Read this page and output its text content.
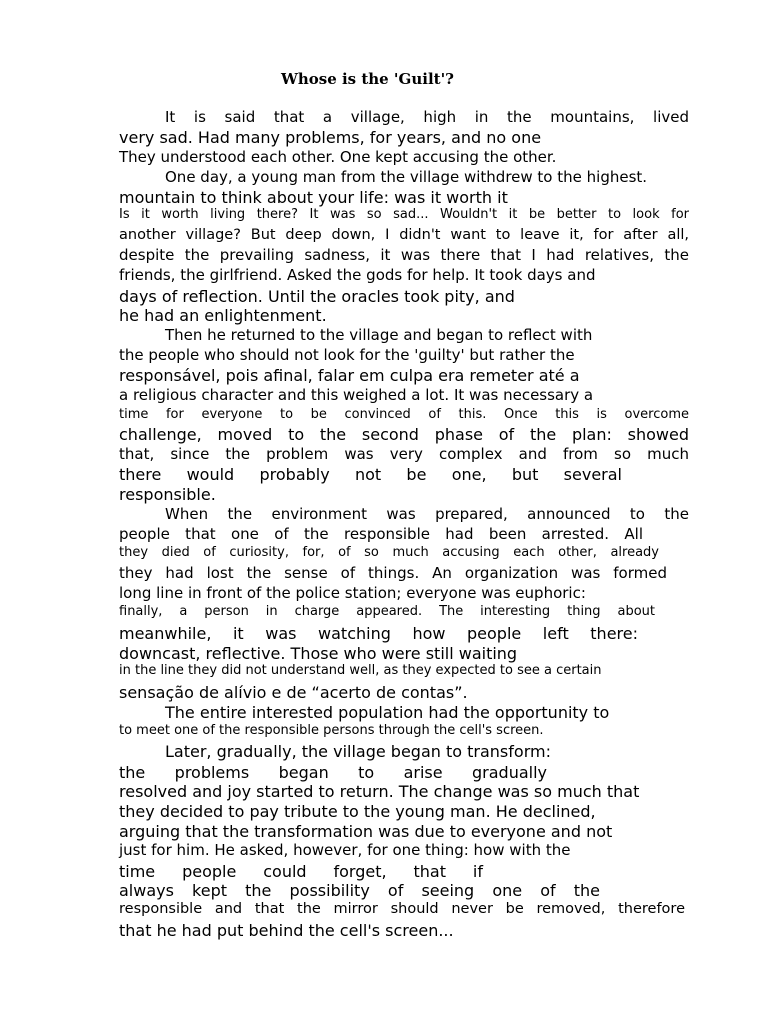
Whose is the 'Guilt'?
It is said that a village, high in the mountains, lived
very sad. Had many problems, for years, and no one
They understood each other. One kept accusing the other.
One day, a young man from the village withdrew to the highest.
mountain to think about your life: was it worth it
Is it worth living there? It was so sad... Wouldn't it be better to look for
another village? But deep down, I didn't want to leave it, for after all,
despite the prevailing sadness, it was there that I had relatives, the
friends, the girlfriend. Asked the gods for help. It took days and
days of reflection. Until the oracles took pity, and
he had an enlightenment.
Then he returned to the village and began to reflect with
the people who should not look for the 'guilty' but rather the
responsável, pois afinal, falar em culpa era remeter até a
a religious character and this weighed a lot. It was necessary a
time for everyone to be convinced of this. Once this is overcome
challenge, moved to the second phase of the plan: showed
that, since the problem was very complex and from so much
there would probably not be one, but several
responsible.
When the environment was prepared, announced to the
people that one of the responsible had been arrested. All
they died of curiosity, for, of so much accusing each other, already
they had lost the sense of things. An organization was formed
long line in front of the police station; everyone was euphoric:
finally, a person in charge appeared. The interesting thing about
meanwhile, it was watching how people left there:
downcast, reflective. Those who were still waiting
in the line they did not understand well, as they expected to see a certain
sensação de alívio e de “acerto de contas”.
The entire interested population had the opportunity to
to meet one of the responsible persons through the cell's screen.
Later, gradually, the village began to transform:
the problems began to arise gradually
resolved and joy started to return. The change was so much that
they decided to pay tribute to the young man. He declined,
arguing that the transformation was due to everyone and not
just for him. He asked, however, for one thing: how with the
time people could forget, that if
always kept the possibility of seeing one of the
responsible and that the mirror should never be removed, therefore
that he had put behind the cell's screen...
